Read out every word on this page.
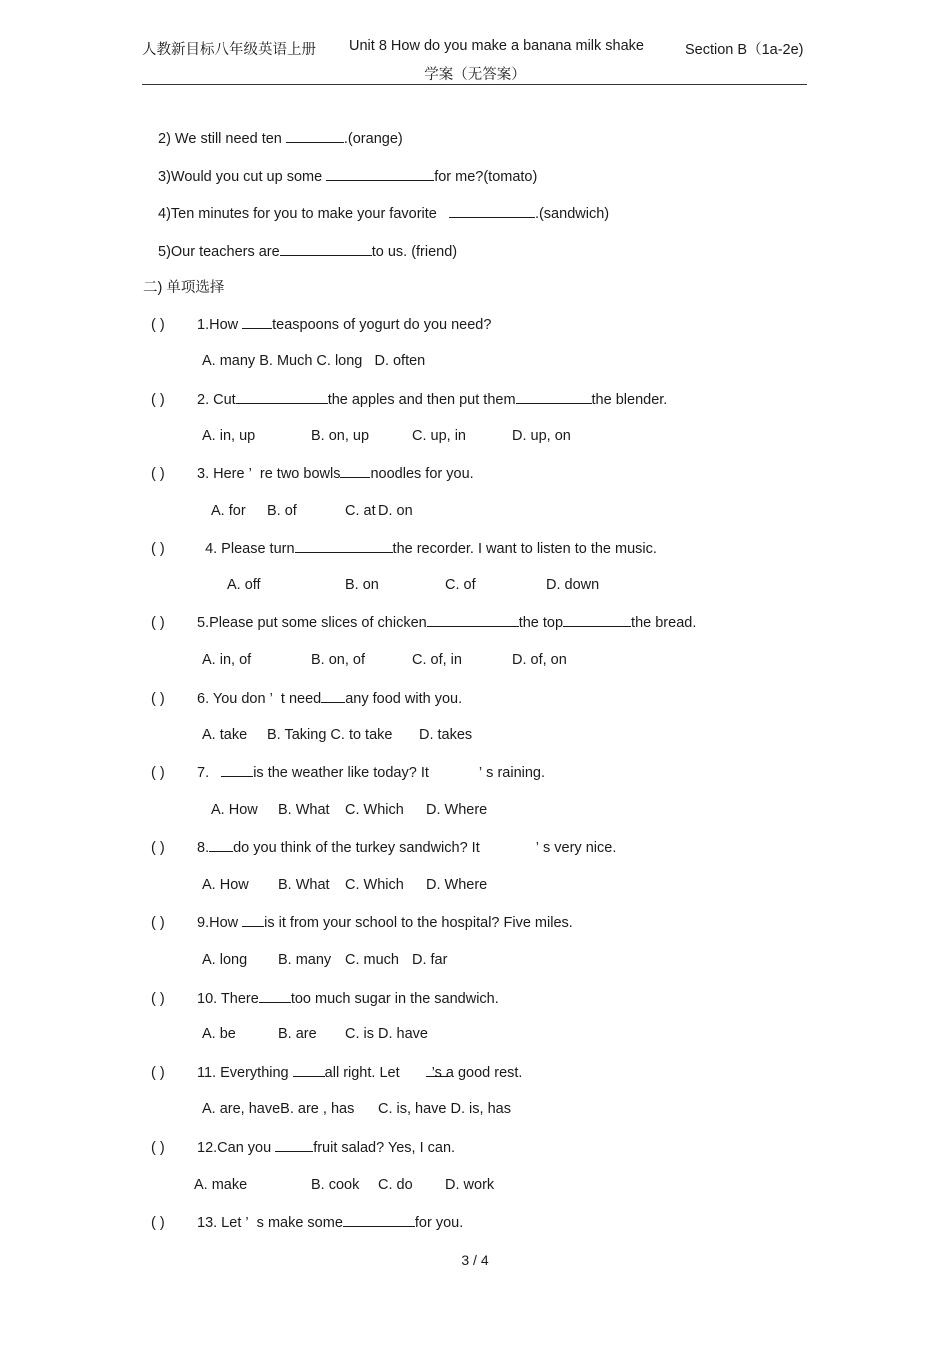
人教新目标八年级英语上册 Unit 8 How do you make a banana milk shake	Section B（1a-2e)
学案（无答案）
2) We still need ten	.(orange)
3)Would you cut up some	for me?(tomato)
4)Ten minutes for you to make your favorite	.(sandwich)
5)Our teachers are	to us. (friend)
二) 单项选择
( ) 1.How teaspoons of yogurt do you need?
A. many B. Much C. long D. often
( ) 2. Cut	the apples and then put them	the blender.
A. in, up	B. on, up	C. up, in	D. up, on
( ) 3. Here ’ re two bowls noodles for you.
A. for B. of	C. at D. on
( )	4. Please turn	the recorder. I want to listen to the music.
A. off	B. on	C. of	D. down
( ) 5.Please put some slices of chicken	the top	the bread.
A. in, of	B. on, of	C. of, in	D. of, on
( ) 6. You don ’ t need any food with you.
A. take B. Taking C. to take D. takes
( ) 7.	is the weather like today? It	’ s raining.
A. How B. What C. Which D. Where
( ) 8. do you think of the turkey sandwich? It	’ s very nice.
A. How B. What C. Which D. Where
( ) 9.How is it from your school to the hospital? Five miles.
A. long B. many C. much D. far
( ) 10. There too much sugar in the sandwich.
A. be	B. are C. is D. have
( ) 11. Everything all right. Let ’s a good rest.
A. are, haveB. are , has C. is, have D. is, has
( ) 12.Can you	fruit salad? Yes, I can.
A. make	B. cook C. do D. work
( ) 13. Let ’ s make some	for you.
3 / 4
